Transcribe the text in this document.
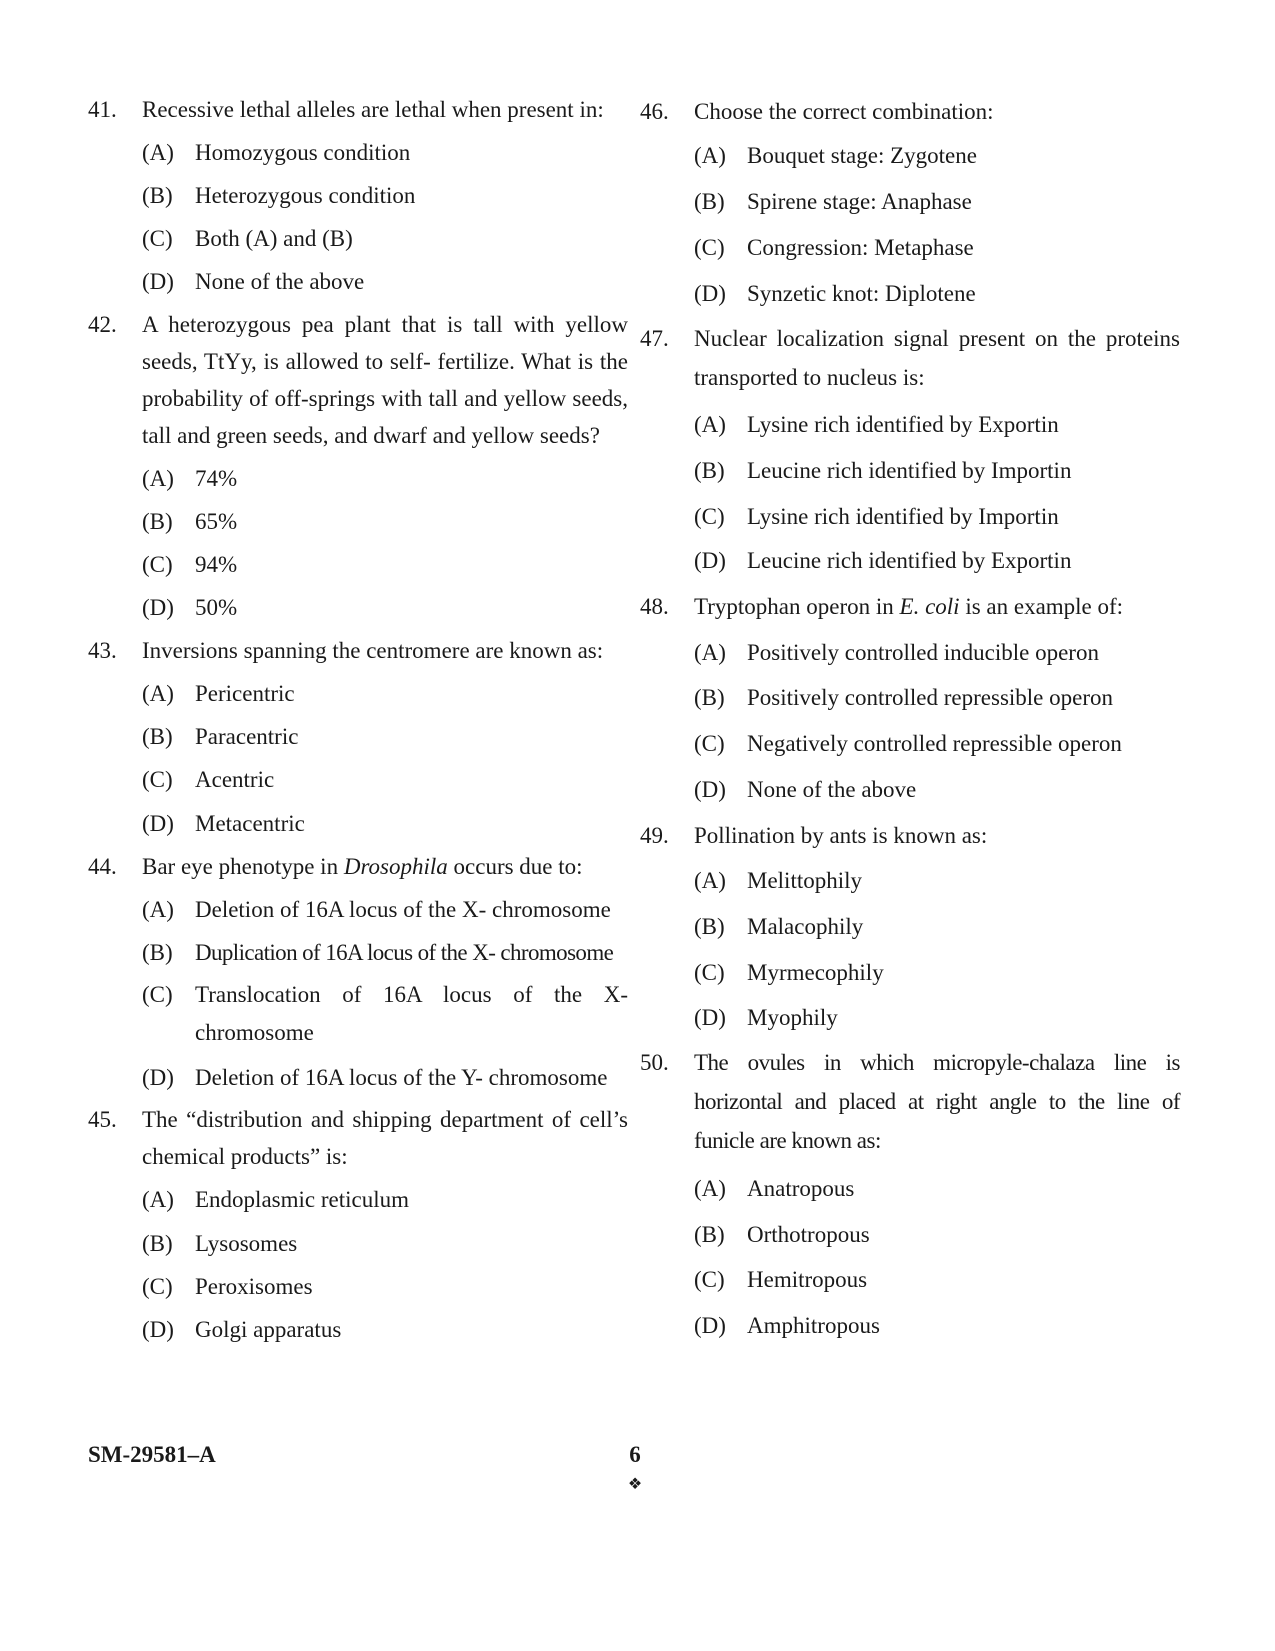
41.	Recessive lethal alleles are lethal when present in:
(A) Homozygous condition
(B) Heterozygous condition
(C) Both (A) and (B)
(D) None of the above
42.	A heterozygous pea plant that is tall with yellow seeds, TtYy, is allowed to self- fertilize. What is the probability of off-springs with tall and yellow seeds, tall and green seeds, and dwarf and yellow seeds?
(A) 74%
(B) 65%
(C) 94%
(D) 50%
43.	Inversions spanning the centromere are known as:
(A) Pericentric
(B) Paracentric
(C) Acentric
(D) Metacentric
44.	Bar eye phenotype in Drosophila occurs due to:
(A) Deletion of 16A locus of the X- chromosome
(B) Duplication of 16A locus of the X- chromosome
(C) Translocation of 16A locus of the X- chromosome
(D) Deletion of 16A locus of the Y- chromosome
45.	The “distribution and shipping department of cell’s chemical products” is:
(A) Endoplasmic reticulum
(B) Lysosomes
(C) Peroxisomes
(D) Golgi apparatus
46.	Choose the correct combination:
(A) Bouquet stage: Zygotene
(B) Spirene stage: Anaphase
(C) Congression: Metaphase
(D) Synzetic knot: Diplotene
47.	Nuclear localization signal present on the proteins transported to nucleus is:
(A) Lysine rich identified by Exportin
(B) Leucine rich identified by Importin
(C) Lysine rich identified by Importin
(D) Leucine rich identified by Exportin
48.	Tryptophan operon in E. coli is an example of:
(A) Positively controlled inducible operon
(B) Positively controlled repressible operon
(C) Negatively controlled repressible operon
(D) None of the above
49.	Pollination by ants is known as:
(A) Melittophily
(B) Malacophily
(C) Myrmecophily
(D) Myophily
50.	The ovules in which micropyle-chalaza line is horizontal and placed at right angle to the line of funicle are known as:
(A) Anatropous
(B) Orthotropous
(C) Hemitropous
(D) Amphitropous
SM-29581–A	6
❖
